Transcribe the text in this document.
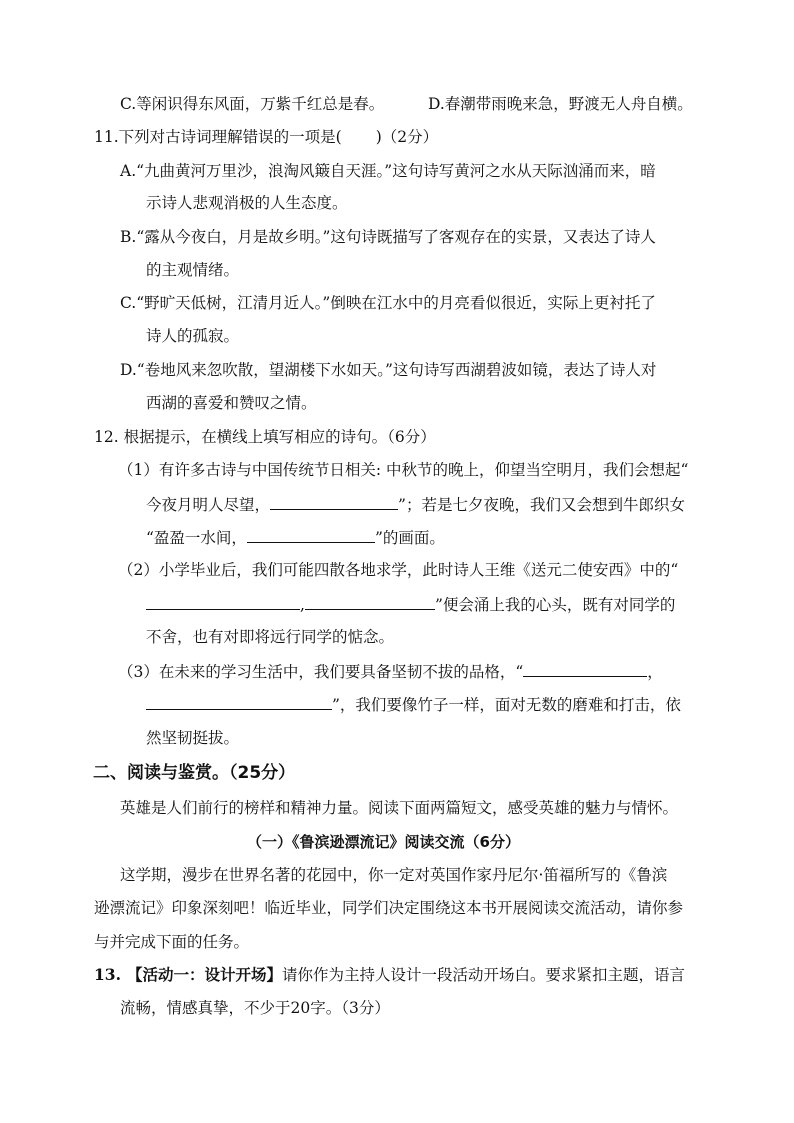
C.等闲识得东风面，万紫千红总是春。	D.春潮带雨晚来急，野渡无人舟自横。
11.下列对古诗词理解错误的一项是( )（2分）
A.“九曲黄河万里沙，浪淘风簸自天涯。”这句诗写黄河之水从天际汹涌而来，暗
示诗人悲观消极的人生态度。
B.“露从今夜白，月是故乡明。”这句诗既描写了客观存在的实景，又表达了诗人
的主观情绪。
C.“野旷天低树，江清月近人。”倒映在江水中的月亮看似很近，实际上更衬托了
诗人的孤寂。
D.“卷地风来忽吹散，望湖楼下水如天。”这句诗写西湖碧波如镜，表达了诗人对
西湖的喜爱和赞叹之情。
12. 根据提示，在横线上填写相应的诗句。（6分）
（1）有许多古诗与中国传统节日相关: 中秋节的晚上，仰望当空明月，我们会想起“
今夜月明人尽望，	”；若是七夕夜晚，我们又会想到牛郎织女
“盈盈一水间，	”的画面。
（2）小学毕业后，我们可能四散各地求学，此时诗人王维《送元二使安西》中的“
,	”便会涌上我的心头，既有对同学的
不舍，也有对即将远行同学的惦念。
（3）在未来的学习生活中，我们要具备坚韧不拔的品格，“	，
”，我们要像竹子一样，面对无数的磨难和打击，依
然坚韧挺拔。
二、阅读与鉴赏。（25分）
英雄是人们前行的榜样和精神力量。阅读下面两篇短文，感受英雄的魅力与情怀。
（一）《鲁滨逊漂流记》阅读交流（6分）
这学期，漫步在世界名著的花园中，你一定对英国作家丹尼尔·笛福所写的《鲁滨
逊漂流记》印象深刻吧！临近毕业，同学们决定围绕这本书开展阅读交流活动，请你参
与并完成下面的任务。
13. 【活动一：设计开场】请你作为主持人设计一段活动开场白。要求紧扣主题，语言
流畅，情感真挚，不少于20字。（3分）
